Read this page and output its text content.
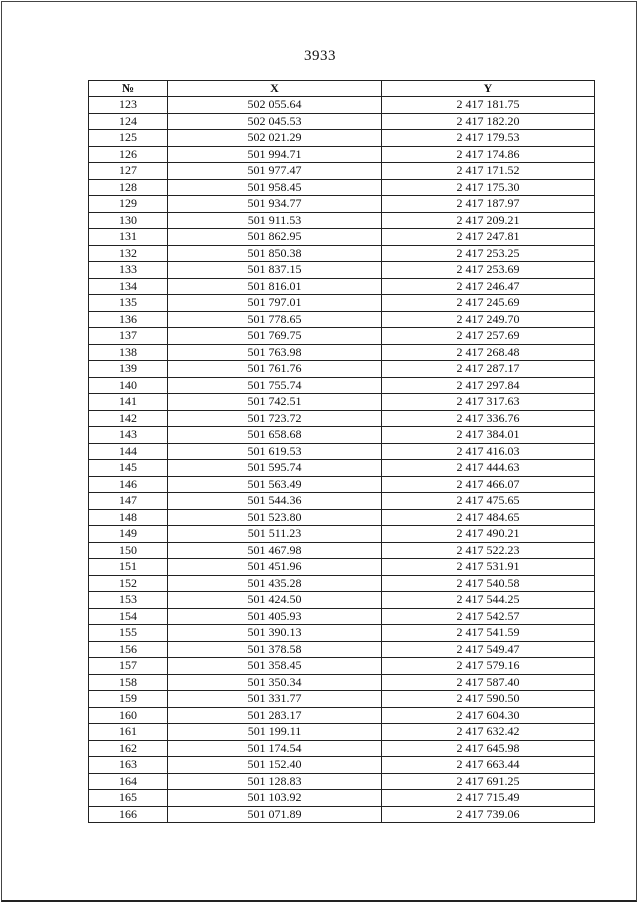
3933
№	X	Y
123	502 055.64	2 417 181.75
124	502 045.53	2 417 182.20
125	502 021.29	2 417 179.53
126	501 994.71	2 417 174.86
127	501 977.47	2 417 171.52
128	501 958.45	2 417 175.30
129	501 934.77	2 417 187.97
130	501 911.53	2 417 209.21
131	501 862.95	2 417 247.81
132	501 850.38	2 417 253.25
133	501 837.15	2 417 253.69
134	501 816.01	2 417 246.47
135	501 797.01	2 417 245.69
136	501 778.65	2 417 249.70
137	501 769.75	2 417 257.69
138	501 763.98	2 417 268.48
139	501 761.76	2 417 287.17
140	501 755.74	2 417 297.84
141	501 742.51	2 417 317.63
142	501 723.72	2 417 336.76
143	501 658.68	2 417 384.01
144	501 619.53	2 417 416.03
145	501 595.74	2 417 444.63
146	501 563.49	2 417 466.07
147	501 544.36	2 417 475.65
148	501 523.80	2 417 484.65
149	501 511.23	2 417 490.21
150	501 467.98	2 417 522.23
151	501 451.96	2 417 531.91
152	501 435.28	2 417 540.58
153	501 424.50	2 417 544.25
154	501 405.93	2 417 542.57
155	501 390.13	2 417 541.59
156	501 378.58	2 417 549.47
157	501 358.45	2 417 579.16
158	501 350.34	2 417 587.40
159	501 331.77	2 417 590.50
160	501 283.17	2 417 604.30
161	501 199.11	2 417 632.42
162	501 174.54	2 417 645.98
163	501 152.40	2 417 663.44
164	501 128.83	2 417 691.25
165	501 103.92	2 417 715.49
166	501 071.89	2 417 739.06
